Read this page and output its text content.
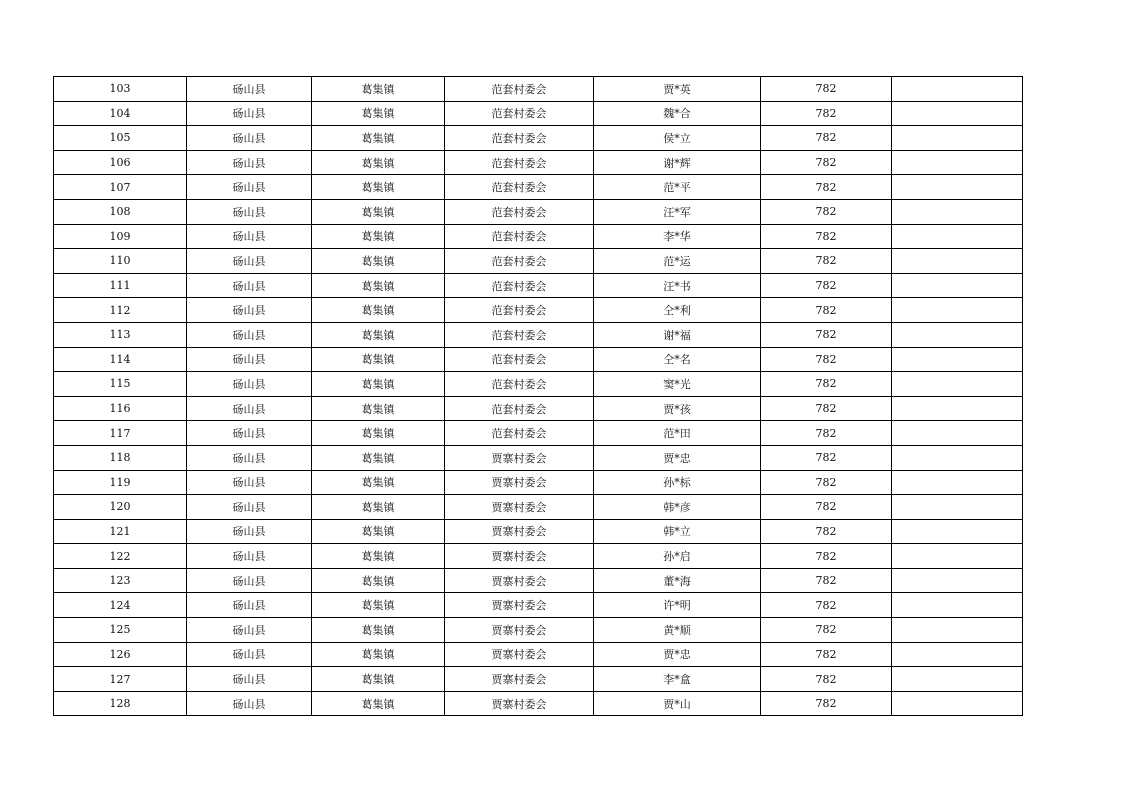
103	砀山县	葛集镇	范套村委会	贾*英	782	
104	砀山县	葛集镇	范套村委会	魏*合	782	
105	砀山县	葛集镇	范套村委会	侯*立	782	
106	砀山县	葛集镇	范套村委会	谢*辉	782	
107	砀山县	葛集镇	范套村委会	范*平	782	
108	砀山县	葛集镇	范套村委会	汪*军	782	
109	砀山县	葛集镇	范套村委会	李*华	782	
110	砀山县	葛集镇	范套村委会	范*运	782	
111	砀山县	葛集镇	范套村委会	汪*书	782	
112	砀山县	葛集镇	范套村委会	仝*利	782	
113	砀山县	葛集镇	范套村委会	谢*福	782	
114	砀山县	葛集镇	范套村委会	仝*名	782	
115	砀山县	葛集镇	范套村委会	窦*光	782	
116	砀山县	葛集镇	范套村委会	贾*孩	782	
117	砀山县	葛集镇	范套村委会	范*田	782	
118	砀山县	葛集镇	贾寨村委会	贾*忠	782	
119	砀山县	葛集镇	贾寨村委会	孙*标	782	
120	砀山县	葛集镇	贾寨村委会	韩*彦	782	
121	砀山县	葛集镇	贾寨村委会	韩*立	782	
122	砀山县	葛集镇	贾寨村委会	孙*启	782	
123	砀山县	葛集镇	贾寨村委会	董*海	782	
124	砀山县	葛集镇	贾寨村委会	许*明	782	
125	砀山县	葛集镇	贾寨村委会	黄*顺	782	
126	砀山县	葛集镇	贾寨村委会	贾*忠	782	
127	砀山县	葛集镇	贾寨村委会	李*盒	782	
128	砀山县	葛集镇	贾寨村委会	贾*山	782	
